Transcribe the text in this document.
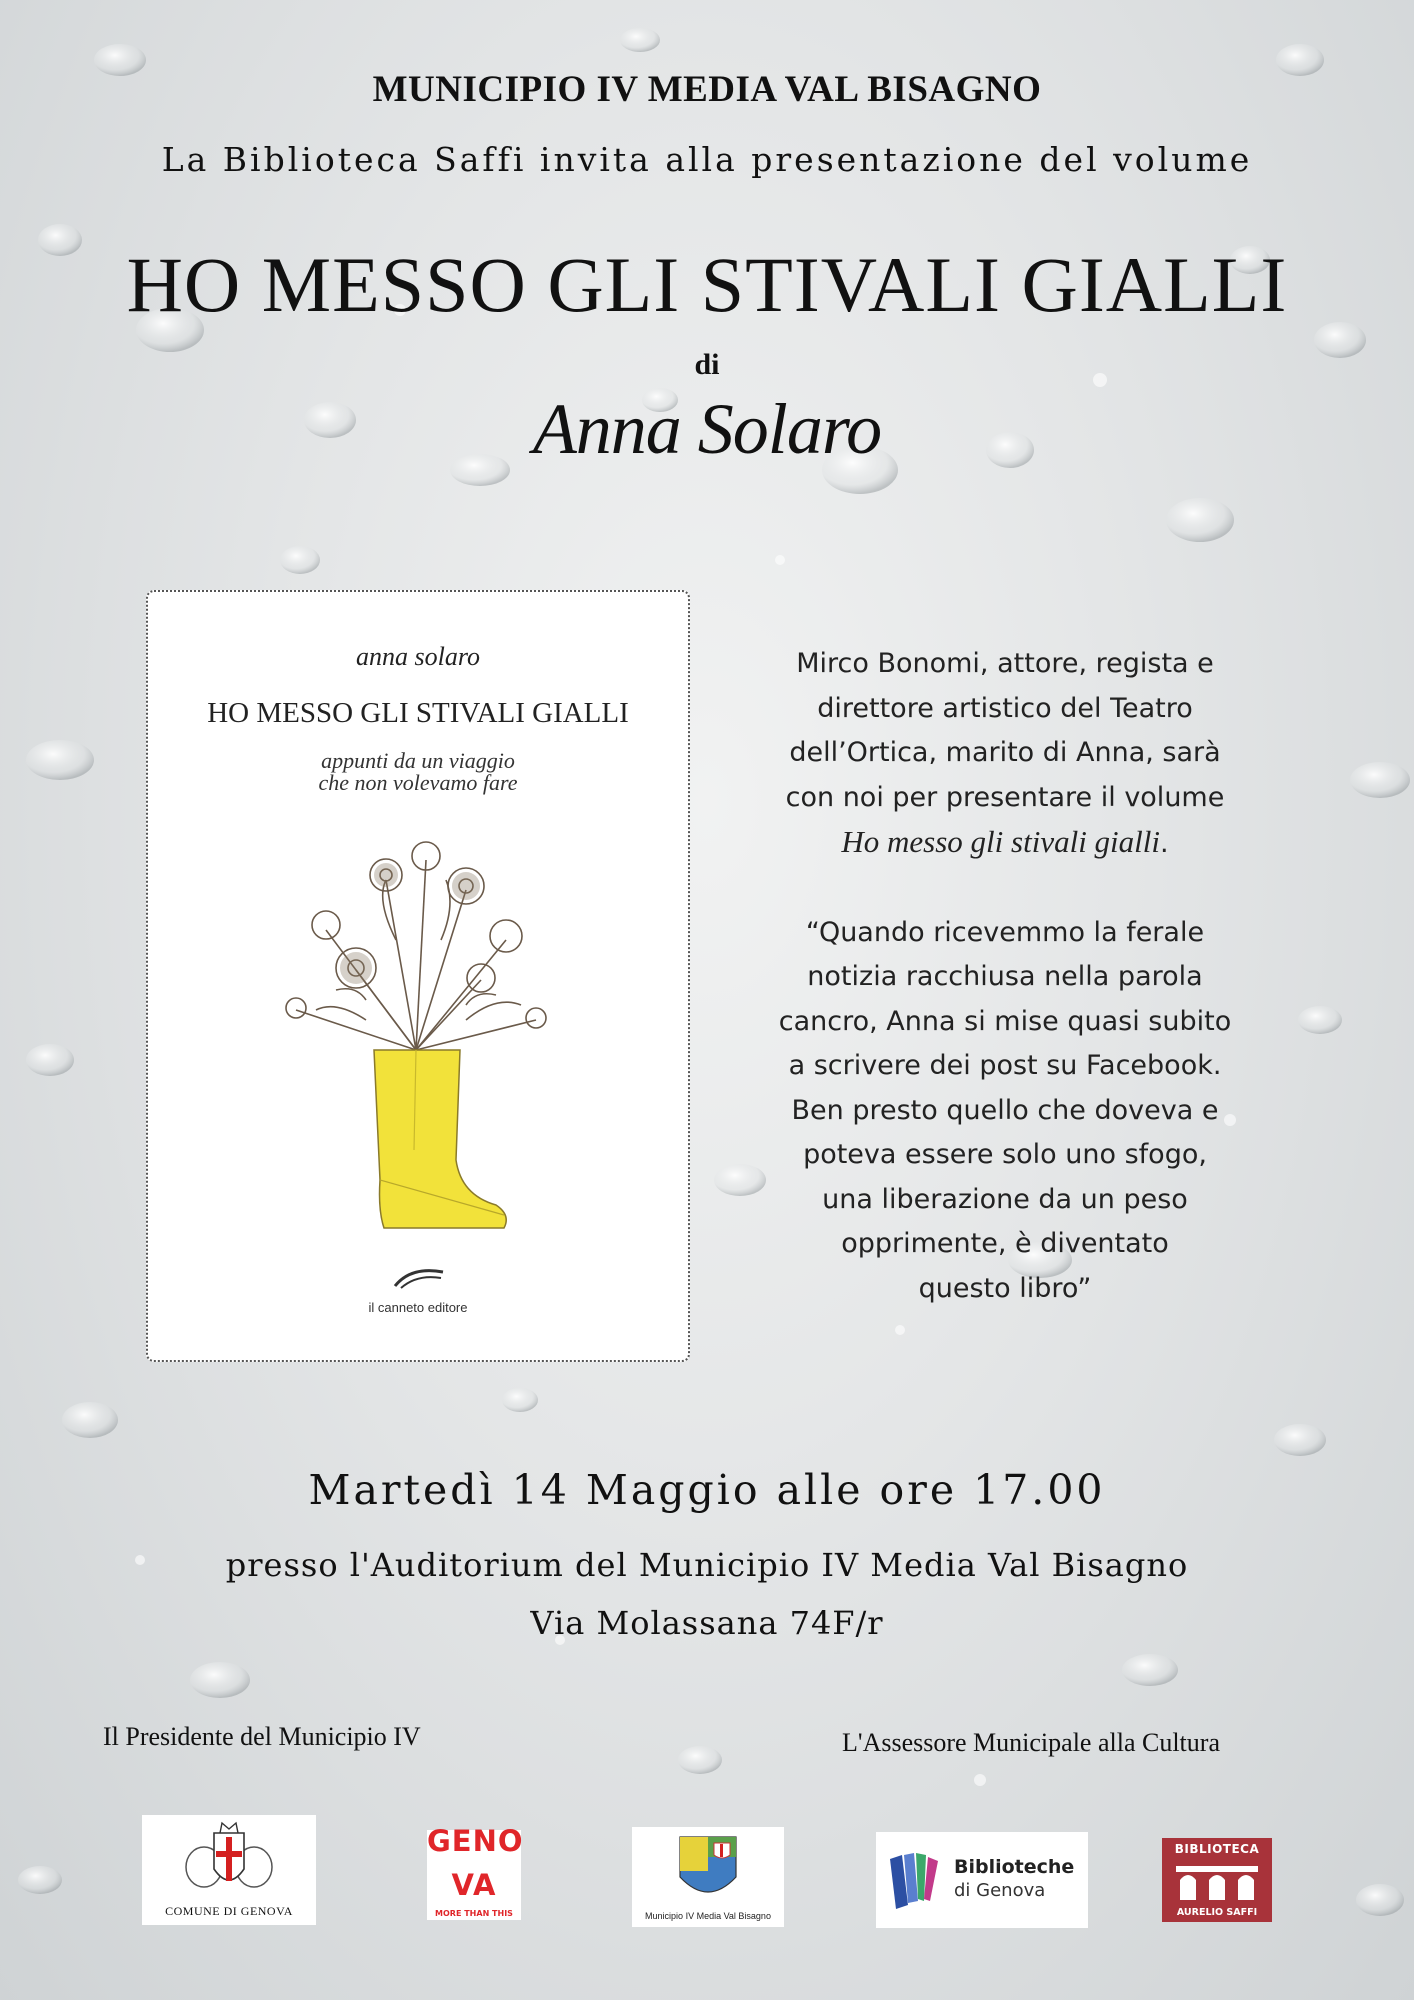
MUNICIPIO IV MEDIA VAL BISAGNO
La Biblioteca Saffi invita alla presentazione del volume
HO MESSO GLI STIVALI GIALLI
di
Anna Solaro
anna solaro
HO MESSO GLI STIVALI GIALLI
appunti da un viaggio
che non volevamo fare
il canneto editore
Mirco Bonomi, attore, regista e
direttore artistico del Teatro
dell’Ortica, marito di Anna, sarà
con noi per presentare il volume
Ho messo gli stivali gialli.
“Quando ricevemmo la ferale
notizia racchiusa nella parola
cancro, Anna si mise quasi subito
a scrivere dei post su Facebook.
Ben presto quello che doveva e
poteva essere solo uno sfogo,
una liberazione da un peso
opprimente, è diventato
questo libro”
Martedì 14 Maggio alle ore 17.00
presso l'Auditorium del Municipio IV Media Val Bisagno
Via Molassana 74F/r
Il Presidente del Municipio IV	L'Assessore Municipale alla Cultura
COMUNE DI GENOVA
GENO
VA
MORE THAN THIS	Municipio IV Media Val Bisagno
Biblioteche
di Genova
BIBLIOTECA
AURELIO SAFFI
